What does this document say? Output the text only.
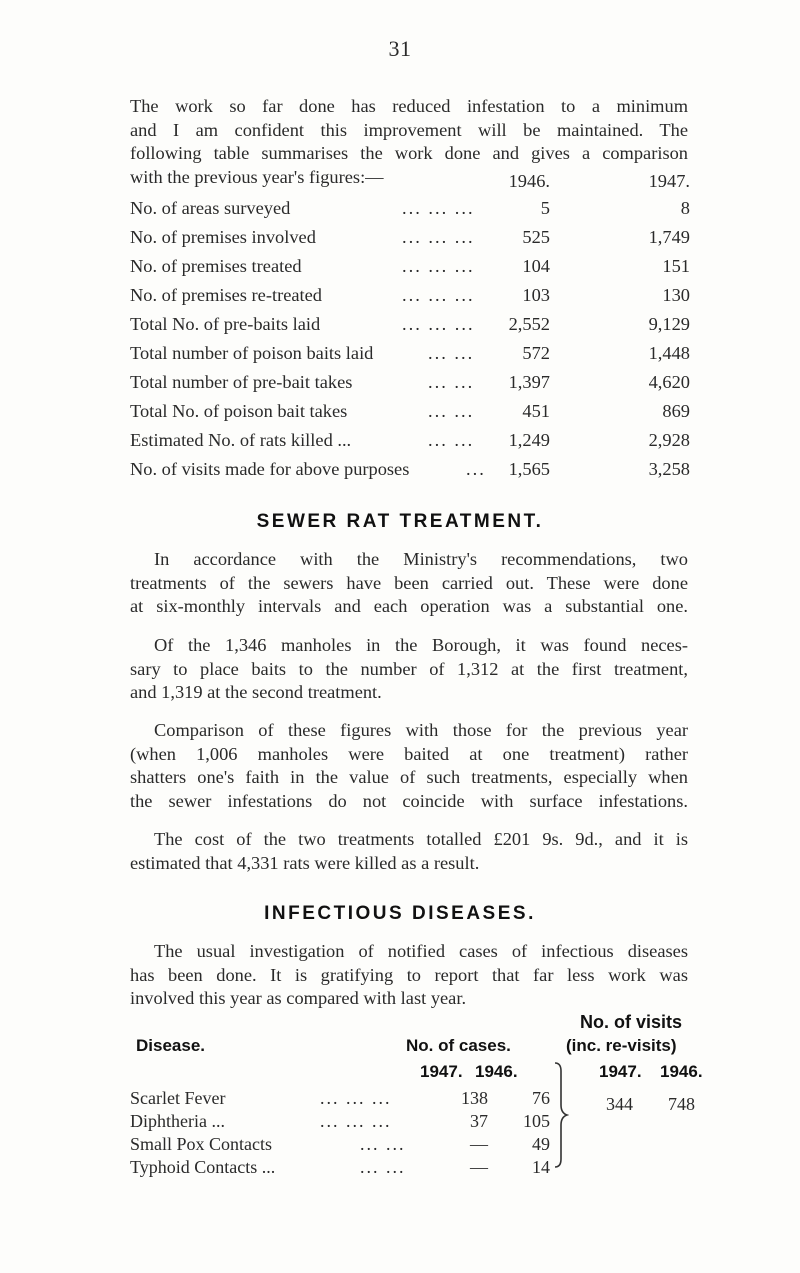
31
The work so far done has reduced infestation to a minimum
and I am confident this improvement will be maintained. The
following table summarises the work done and gives a comparison
with the previous year's figures:—	1946.	1947.
No. of areas surveyed	... ... ...	5	8
No. of premises involved	... ... ...	525	1,749
No. of premises treated	... ... ...	104	151
No. of premises re-treated	... ... ...	103	130
Total No. of pre-baits laid	... ... ... 2,552	9,129
Total number of poison baits laid	... ...	572	1,448
Total number of pre-bait takes	... ... 1,397	4,620
Total No. of poison bait takes	... ...	451	869
Estimated No. of rats killed ...	... ... 1,249	2,928
No. of visits made for above purposes	... 1,565	3,258
SEWER RAT TREATMENT.
In accordance with the Ministry's recommendations, two
treatments of the sewers have been carried out. These were done
at six-monthly intervals and each operation was a substantial one.
Of the 1,346 manholes in the Borough, it was found neces-
sary to place baits to the number of 1,312 at the first treatment,
and 1,319 at the second treatment.
Comparison of these figures with those for the previous year
(when 1,006 manholes were baited at one treatment) rather
shatters one's faith in the value of such treatments, especially when
the sewer infestations do not coincide with surface infestations.
The cost of the two treatments totalled £201 9s. 9d., and it is
estimated that 4,331 rats were killed as a result.
INFECTIOUS DISEASES.
The usual investigation of notified cases of infectious diseases
has been done. It is gratifying to report that far less work was
involved this year as compared with last year.
No. of visits
Disease.	No. of cases.	(inc. re-visits)
1947. 1946.	1947. 1946.
Scarlet Fever	... ... ...	138	76
Diphtheria ...	... ... ...	37	105
Small Pox Contacts	... ...	—	49
Typhoid Contacts ...	... ...	—	14
344 748
